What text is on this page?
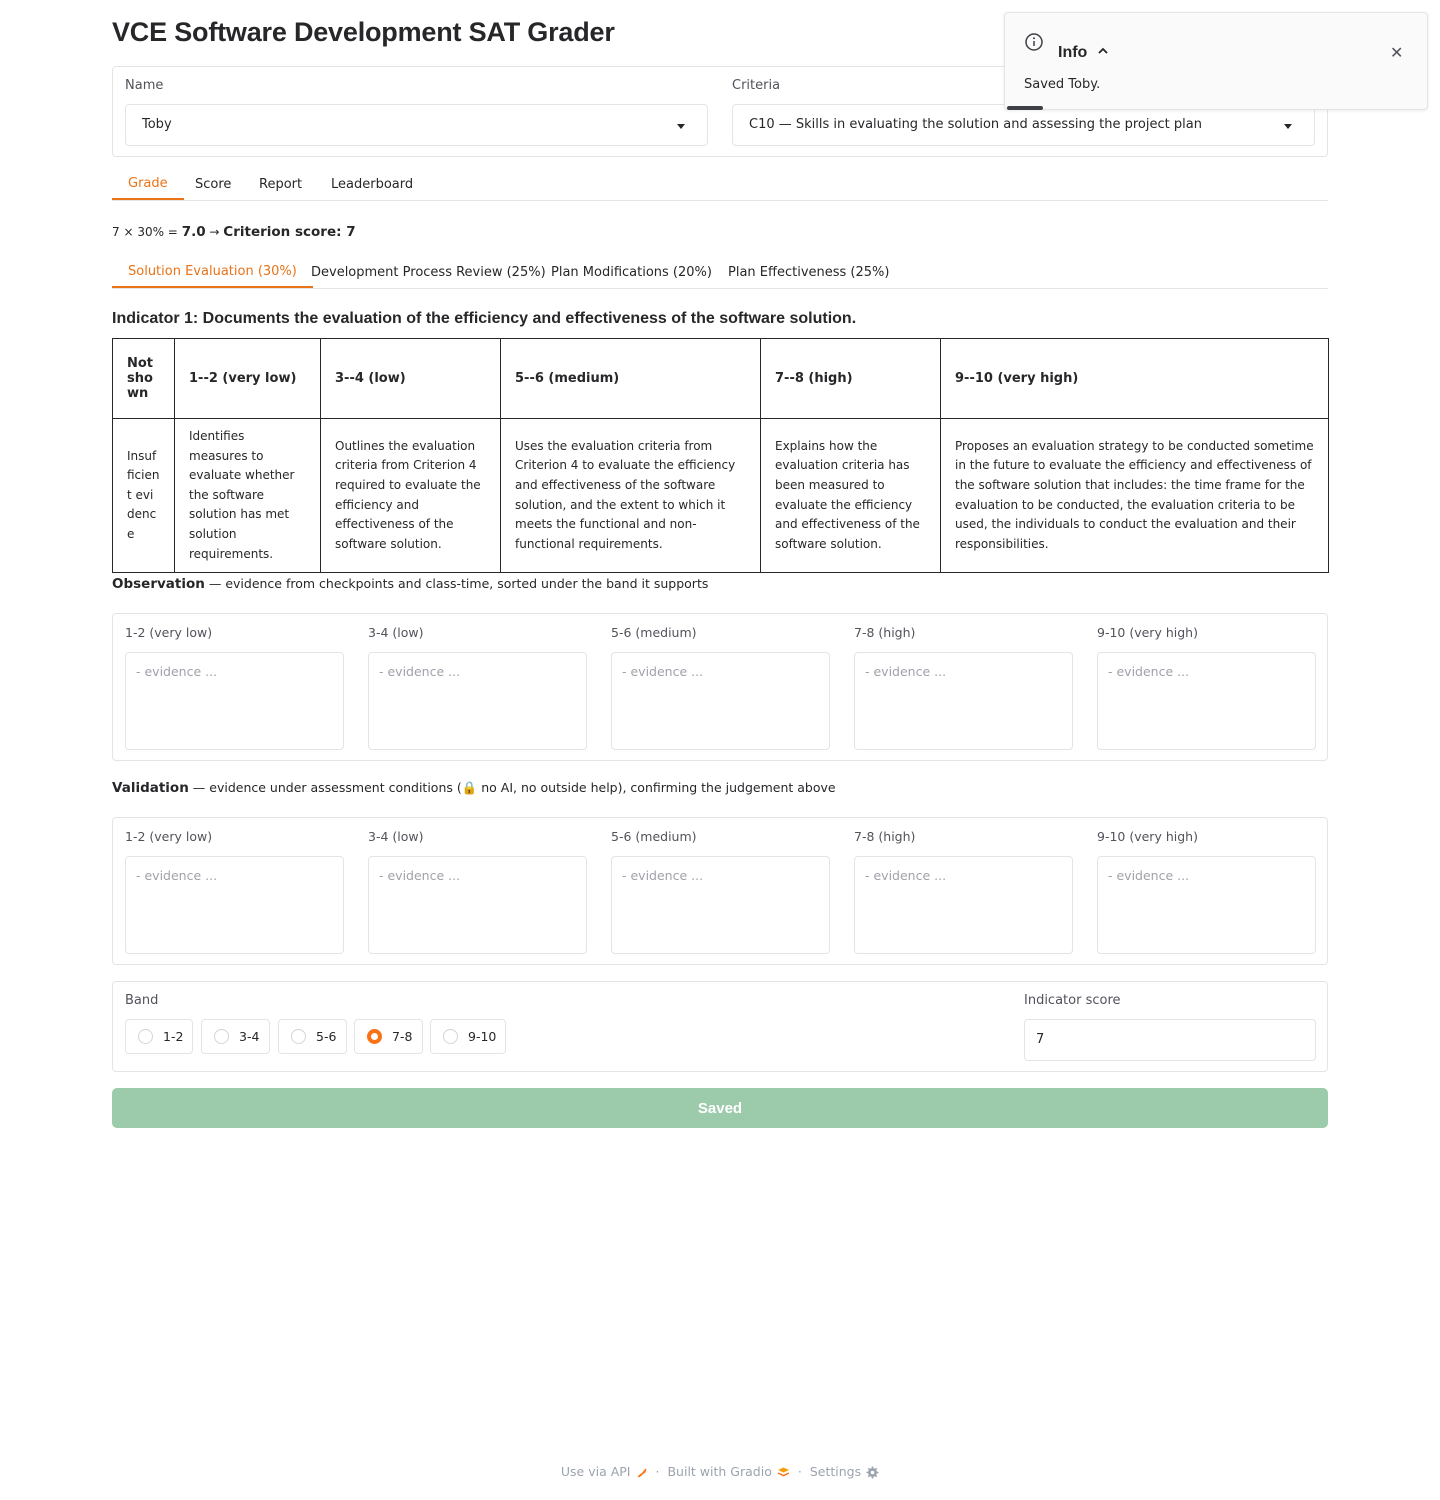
VCE Software Development SAT Grader
Name
Toby
Criteria
C10 — Skills in evaluating the solution and assessing the project plan
Grade	Score	Report	Leaderboard
7 × 30% = 7.0 → Criterion score: 7
Solution Evaluation (30%)	Development Process Review (25%) Plan Modifications (20%)	Plan Effectiveness (25%)
Indicator 1: Documents the evaluation of the efficiency and effectiveness of the software solution.
Not shown	1--2 (very low)	3--4 (low)	5--6 (medium)	7--8 (high)	9--10 (very high)
Insufficient evidence	Identifies measures to evaluate whether the software solution has met solution requirements.	Outlines the evaluation criteria from Criterion 4 required to evaluate the efficiency and effectiveness of the software solution.	Uses the evaluation criteria from Criterion 4 to evaluate the efficiency and effectiveness of the software solution, and the extent to which it meets the functional and non-functional requirements.	Explains how the evaluation criteria has been measured to evaluate the efficiency and effectiveness of the software solution.	Proposes an evaluation strategy to be conducted sometime in the future to evaluate the efficiency and effectiveness of the software solution that includes: the time frame for the evaluation to be conducted, the evaluation criteria to be used, the individuals to conduct the evaluation and their responsibilities.
Observation — evidence from checkpoints and class-time, sorted under the band it supports
1-2 (very low)
- evidence ...
3-4 (low)
- evidence ...
5-6 (medium)
- evidence ...
7-8 (high)
- evidence ...
9-10 (very high)
- evidence ...
Validation — evidence under assessment conditions (🔒 no AI, no outside help), confirming the judgement above
1-2 (very low)
- evidence ...
3-4 (low)
- evidence ...
5-6 (medium)
- evidence ...
7-8 (high)
- evidence ...
9-10 (very high)
- evidence ...
Band
1-2	3-4	5-6	7-8	9-10
Indicator score
7
Saved
Use via API · Built with Gradio · Settings
Info	✕
Saved Toby.
